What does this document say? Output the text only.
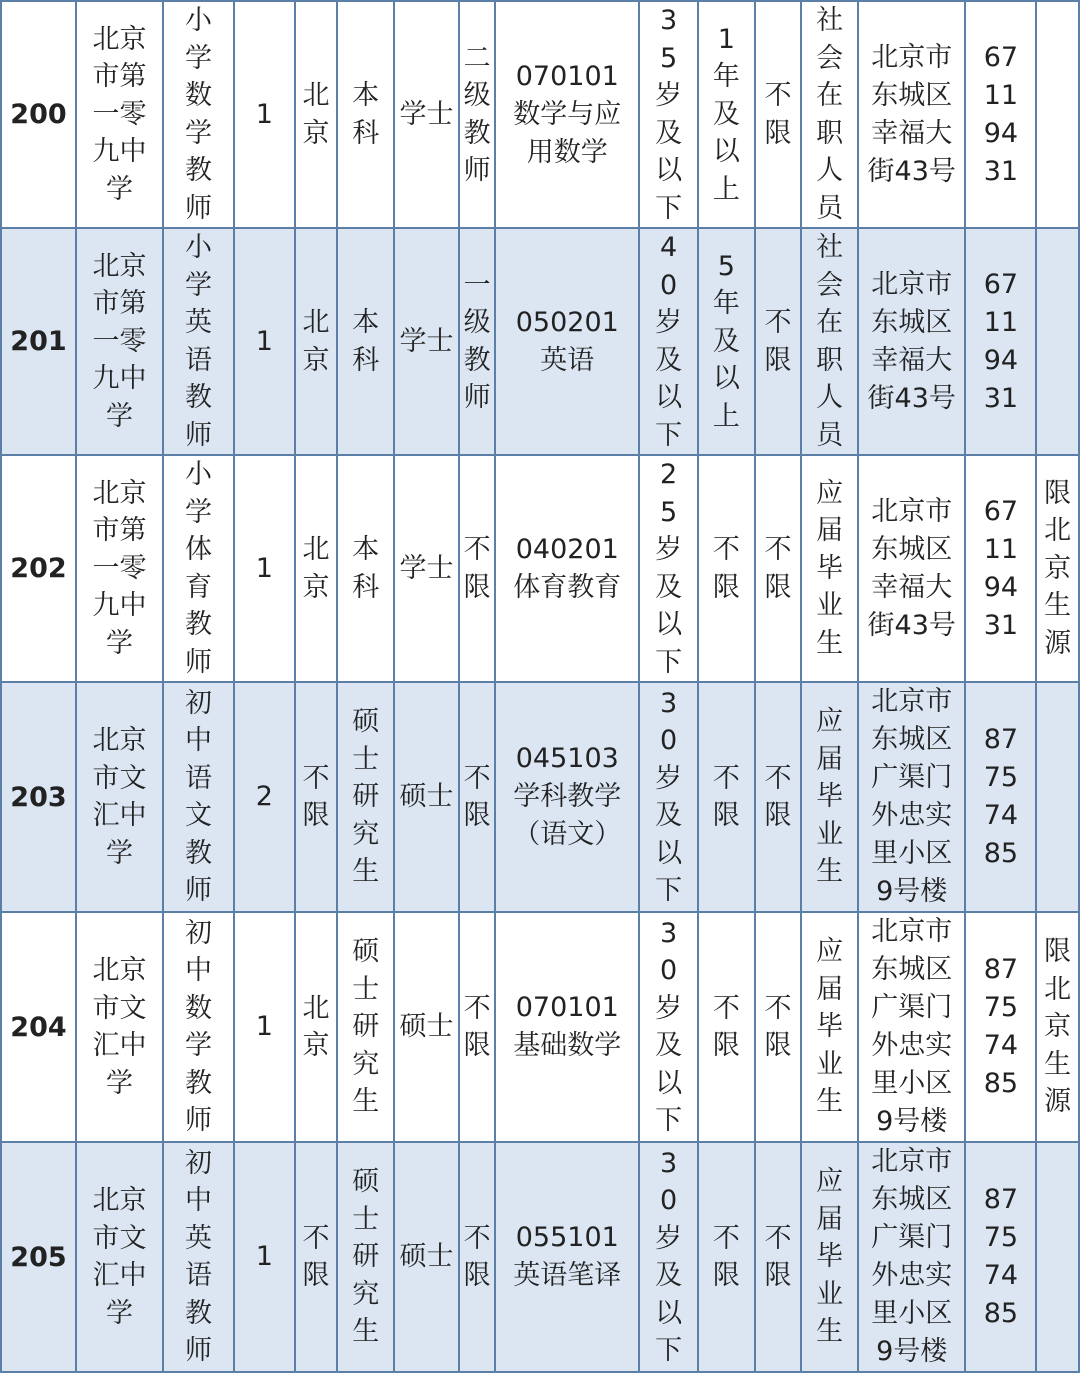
200	北京市第一零九中学	小学数学教师	1	北京	本科	学士	二级教师	070101 数学与应用数学	35岁及以下	1年及以上	不限	社会在职人员	北京市东城区幸福大街43号	67119431	

201	北京市第一零九中学	小学英语教师	1	北京	本科	学士	一级教师	050201 英语	40岁及以下	5年及以上	不限	社会在职人员	北京市东城区幸福大街43号	67119431	

202	北京市第一零九中学	小学体育教师	1	北京	本科	学士	不限	040201 体育教育	25岁及以下	不限	不限	应届毕业生	北京市东城区幸福大街43号	67119431	限北京生源

203	北京市文汇中学	初中语文教师	2	不限	硕士研究生	硕士	不限	045103 学科教学（语文）	30岁及以下	不限	不限	应届毕业生	北京市东城区广渠门外忠实里小区9号楼	87757485	

204	北京市文汇中学	初中数学教师	1	北京	硕士研究生	硕士	不限	070101 基础数学	30岁及以下	不限	不限	应届毕业生	北京市东城区广渠门外忠实里小区9号楼	87757485	限北京生源

205	北京市文汇中学	初中英语教师	1	不限	硕士研究生	硕士	不限	055101 英语笔译	30岁及以下	不限	不限	应届毕业生	北京市东城区广渠门外忠实里小区9号楼	87757485	
